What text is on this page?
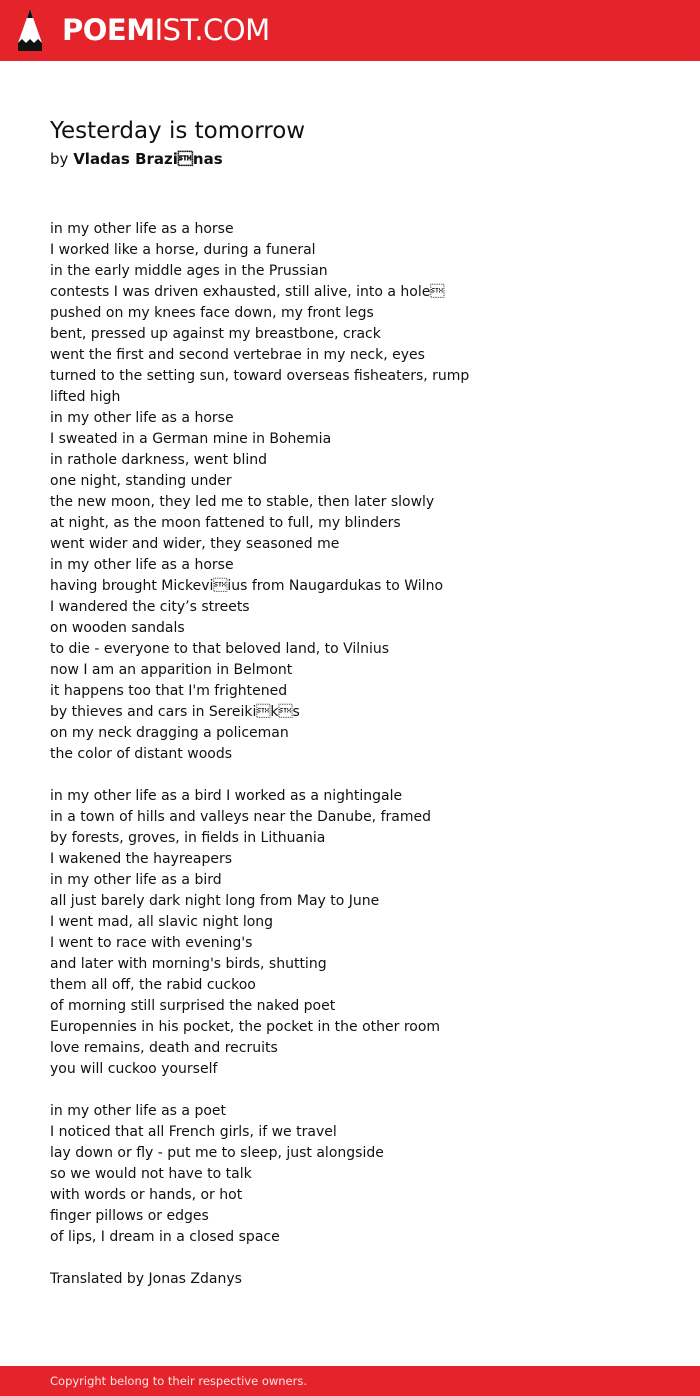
POEMIST.COM
Yesterday is tomorrow
by Vladas Brazinas
in my other life as a horse
I worked like a horse, during a funeral
in the early middle ages in the Prussian
contests I was driven exhausted, still alive, into a hole
pushed on my knees face down, my front legs
bent, pressed up against my breastbone, crack
went the first and second vertebrae in my neck, eyes
turned to the setting sun, toward overseas fisheaters, rump
lifted high
in my other life as a horse
I sweated in a German mine in Bohemia
in rathole darkness, went blind
one night, standing under
the new moon, they led me to stable, then later slowly
at night, as the moon fattened to full, my blinders
went wider and wider, they seasoned me
in my other life as a horse
having brought Mickeviius from Naugardukas to Wilno
I wandered the city’s streets
on wooden sandals
to die - everyone to that beloved land, to Vilnius
now I am an apparition in Belmont
it happens too that I'm frightened
by thieves and cars in Sereikiks
on my neck dragging a policeman
the color of distant woods
in my other life as a bird I worked as a nightingale
in a town of hills and valleys near the Danube, framed
by forests, groves, in fields in Lithuania
I wakened the hayreapers
in my other life as a bird
all just barely dark night long from May to June
I went mad, all slavic night long
I went to race with evening's
and later with morning's birds, shutting
them all off, the rabid cuckoo
of morning still surprised the naked poet
Europennies in his pocket, the pocket in the other room
love remains, death and recruits
you will cuckoo yourself
in my other life as a poet
I noticed that all French girls, if we travel
lay down or fly - put me to sleep, just alongside
so we would not have to talk
with words or hands, or hot
finger pillows or edges
of lips, I dream in a closed space
Translated by Jonas Zdanys
Copyright belong to their respective owners.
